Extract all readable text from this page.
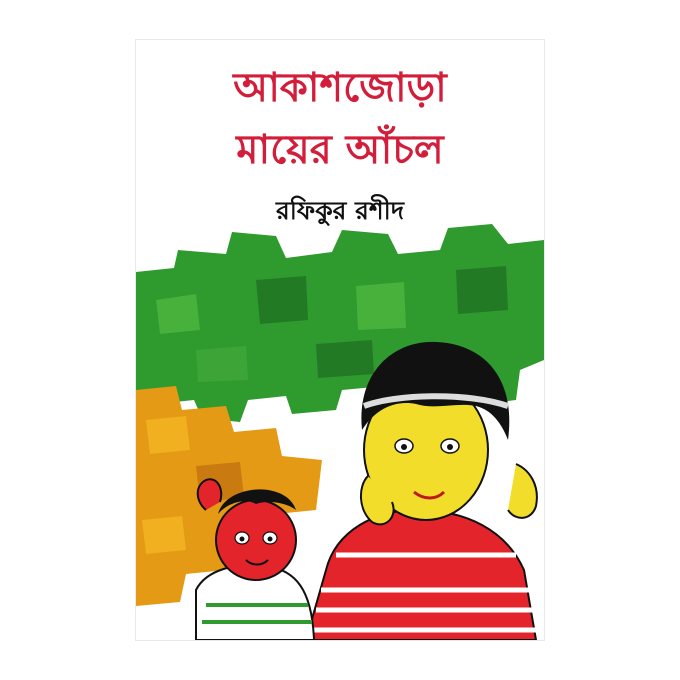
আকাশজোড়া
মায়ের আঁচল
রফিকুর রশীদ
